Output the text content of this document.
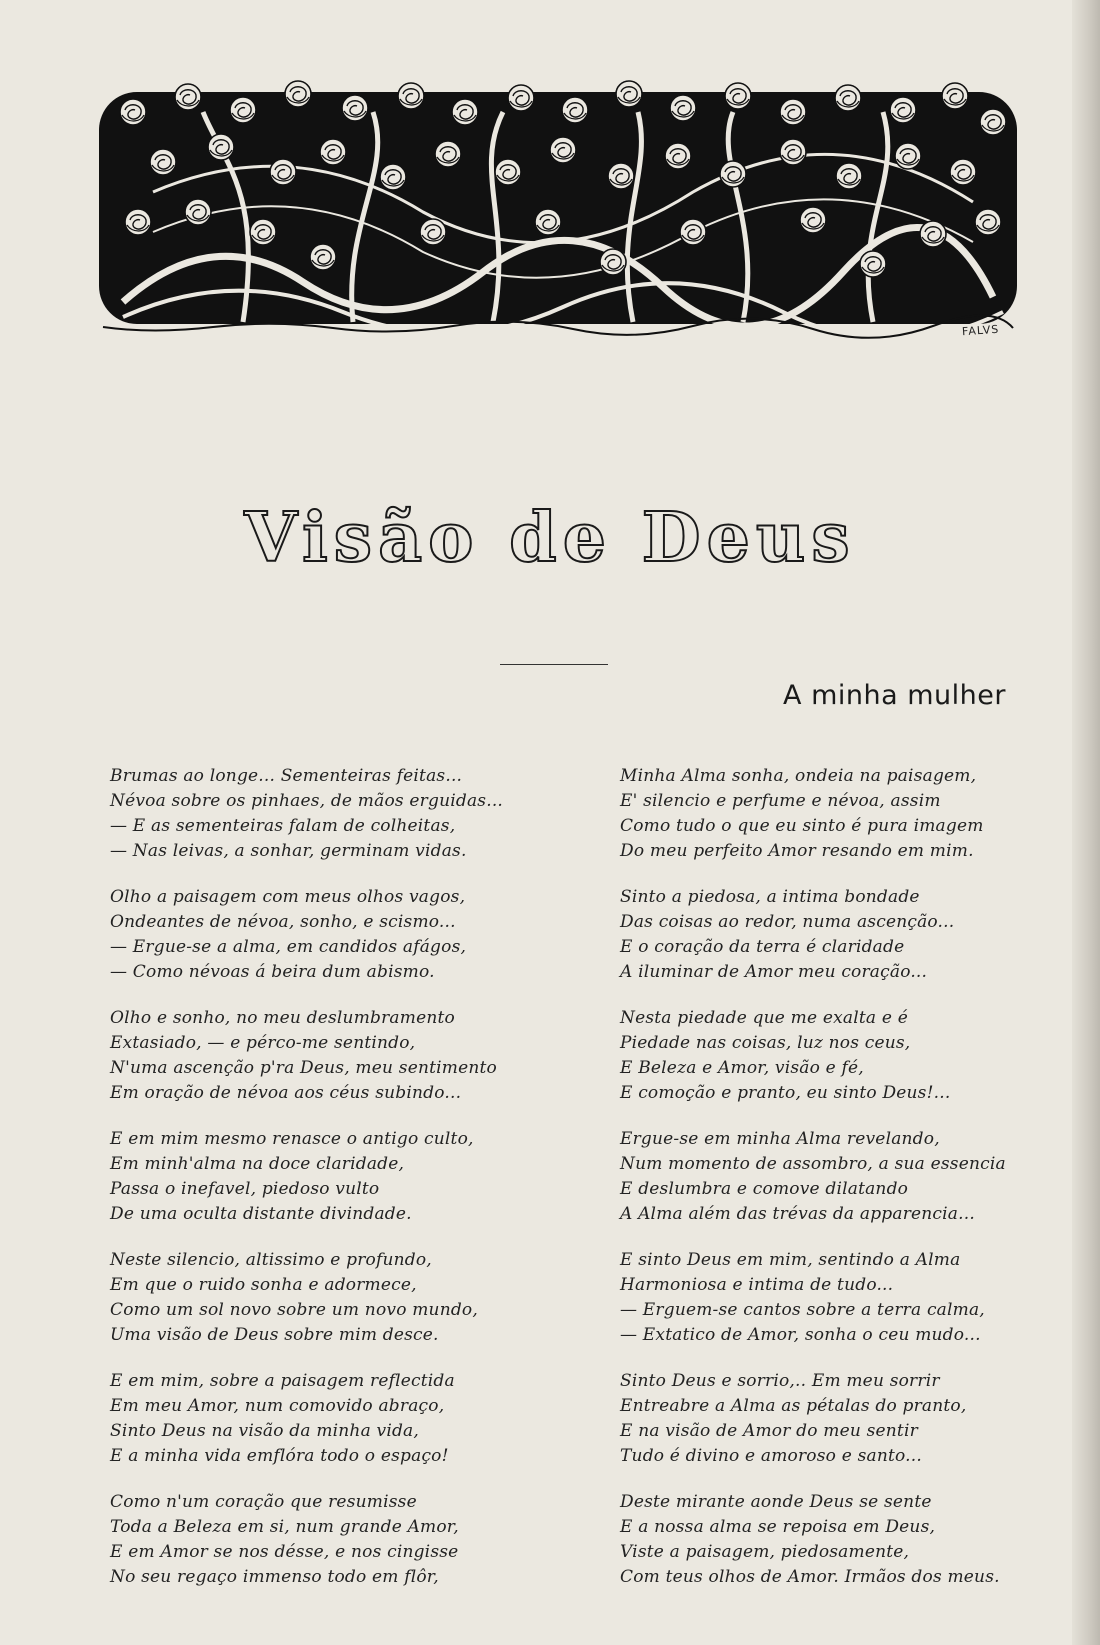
FALVS
Visão de Deus
A minha mulher
Brumas ao longe... Sementeiras feitas...
Névoa sobre os pinhaes, de mãos erguidas...
— E as sementeiras falam de colheitas,
— Nas leivas, a sonhar, germinam vidas.
Olho a paisagem com meus olhos vagos,
Ondeantes de névoa, sonho, e scismo...
— Ergue-se a alma, em candidos afágos,
— Como névoas á beira dum abismo.
Olho e sonho, no meu deslumbramento
Extasiado, — e pérco-me sentindo,
N'uma ascenção p'ra Deus, meu sentimento
Em oração de névoa aos céus subindo...
E em mim mesmo renasce o antigo culto,
Em minh'alma na doce claridade,
Passa o inefavel, piedoso vulto
De uma oculta distante divindade.
Neste silencio, altissimo e profundo,
Em que o ruido sonha e adormece,
Como um sol novo sobre um novo mundo,
Uma visão de Deus sobre mim desce.
E em mim, sobre a paisagem reflectida
Em meu Amor, num comovido abraço,
Sinto Deus na visão da minha vida,
E a minha vida emflóra todo o espaço!
Como n'um coração que resumisse
Toda a Beleza em si, num grande Amor,
E em Amor se nos désse, e nos cingisse
No seu regaço immenso todo em flôr,
Minha Alma sonha, ondeia na paisagem,
E' silencio e perfume e névoa, assim
Como tudo o que eu sinto é pura imagem
Do meu perfeito Amor resando em mim.
Sinto a piedosa, a intima bondade
Das coisas ao redor, numa ascenção...
E o coração da terra é claridade
A iluminar de Amor meu coração...
Nesta piedade que me exalta e é
Piedade nas coisas, luz nos ceus,
E Beleza e Amor, visão e fé,
E comoção e pranto, eu sinto Deus!...
Ergue-se em minha Alma revelando,
Num momento de assombro, a sua essencia
E deslumbra e comove dilatando
A Alma além das trévas da apparencia...
E sinto Deus em mim, sentindo a Alma
Harmoniosa e intima de tudo...
— Erguem-se cantos sobre a terra calma,
— Extatico de Amor, sonha o ceu mudo...
Sinto Deus e sorrio,.. Em meu sorrir
Entreabre a Alma as pétalas do pranto,
E na visão de Amor do meu sentir
Tudo é divino e amoroso e santo...
Deste mirante aonde Deus se sente
E a nossa alma se repoisa em Deus,
Viste a paisagem, piedosamente,
Com teus olhos de Amor. Irmãos dos meus.
